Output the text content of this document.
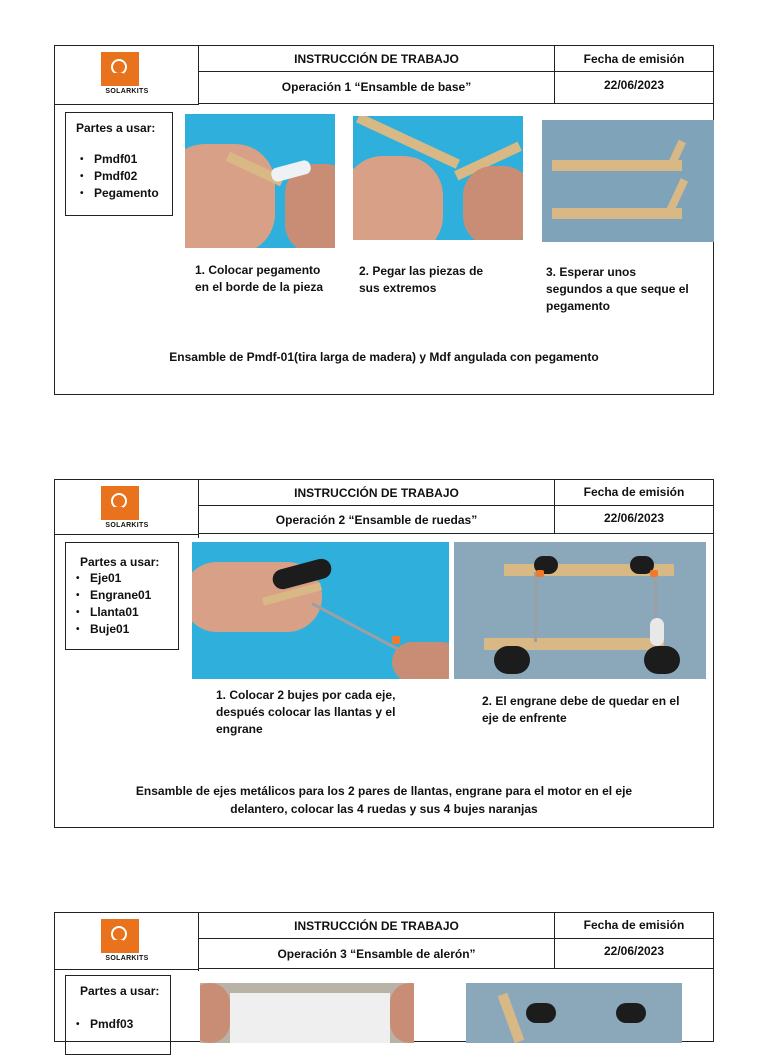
SOLARKITS
INSTRUCCIÓN DE TRABAJO
Operación 1 “Ensamble de base”
Fecha de emisión
22/06/2023
Partes a usar:
• Pmdf01
• Pmdf02
• Pegamento
1. Colocar pegamento en el borde de la pieza
2. Pegar las piezas de sus extremos
3. Esperar unos segundos a que seque el pegamento
Ensamble de Pmdf-01(tira larga de madera) y Mdf angulada con pegamento
SOLARKITS
INSTRUCCIÓN DE TRABAJO
Operación 2 “Ensamble de ruedas”
Fecha de emisión
22/06/2023
Partes a usar:
• Eje01
• Engrane01
• Llanta01
• Buje01
1. Colocar 2 bujes por cada eje, después colocar las llantas y el engrane
2. El engrane debe de quedar en el eje de enfrente
Ensamble de ejes metálicos para los 2 pares de llantas, engrane para el motor en el eje
delantero, colocar las 4 ruedas y sus 4 bujes naranjas
SOLARKITS
INSTRUCCIÓN DE TRABAJO
Operación 3 “Ensamble de alerón”
Fecha de emisión
22/06/2023
Partes a usar:
• Pmdf03
